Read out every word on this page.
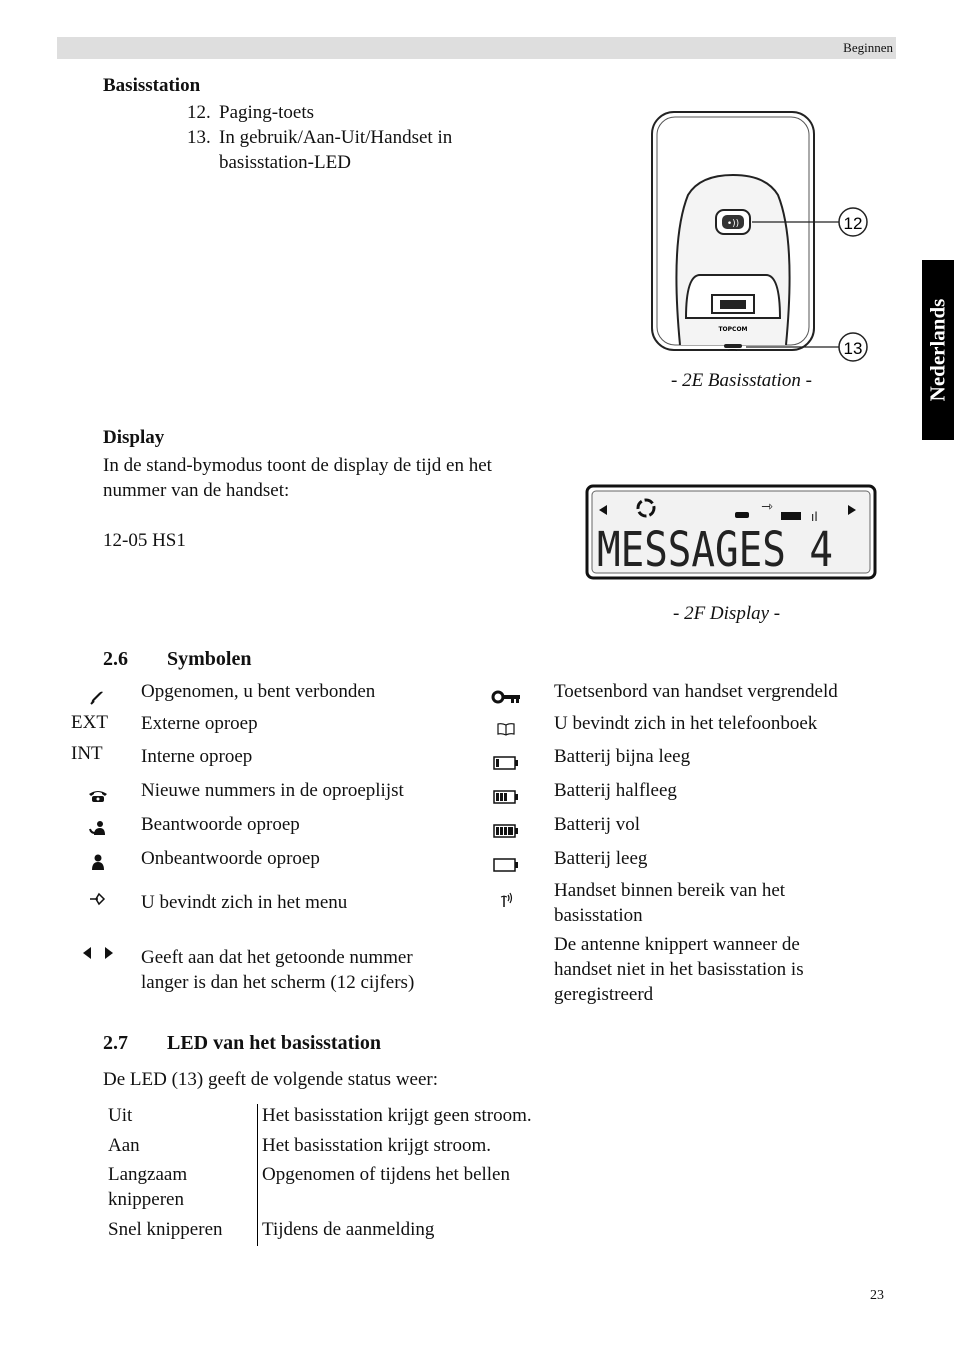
Beginnen
Nederlands
Basisstation
12. Paging-toets
13. In gebruik/Aan-Uit/Handset in
basisstation-LED
•))
TOPCOM
⌒
12
13
- 2E Basisstation -
Display
In de stand-bymodus toont de display de tijd en het
nummer van de handset:
12-05 HS1
⇾
ıl
MESSAGES 4
- 2F Display -
2.6 Symbolen
EXT
INT
Opgenomen, u bent verbonden
Externe oproep
Interne oproep
Nieuwe nummers in de oproeplijst
Beantwoorde oproep
Onbeantwoorde oproep
U bevindt zich in het menu
Geeft aan dat het getoonde nummer
langer is dan het scherm (12 cijfers)
Toetsenbord van handset vergrendeld
U bevindt zich in het telefoonboek
Batterij bijna leeg
Batterij halfleeg
Batterij vol
Batterij leeg
Handset binnen bereik van het
basisstation
De antenne knippert wanneer de
handset niet in het basisstation is
geregistreerd
2.7 LED van het basisstation
De LED (13) geeft de volgende status weer:
Uit	Het basisstation krijgt geen stroom.
Aan	Het basisstation krijgt stroom.
Langzaam
knipperen
Opgenomen of tijdens het bellen
Snel knipperen Tijdens de aanmelding
23
